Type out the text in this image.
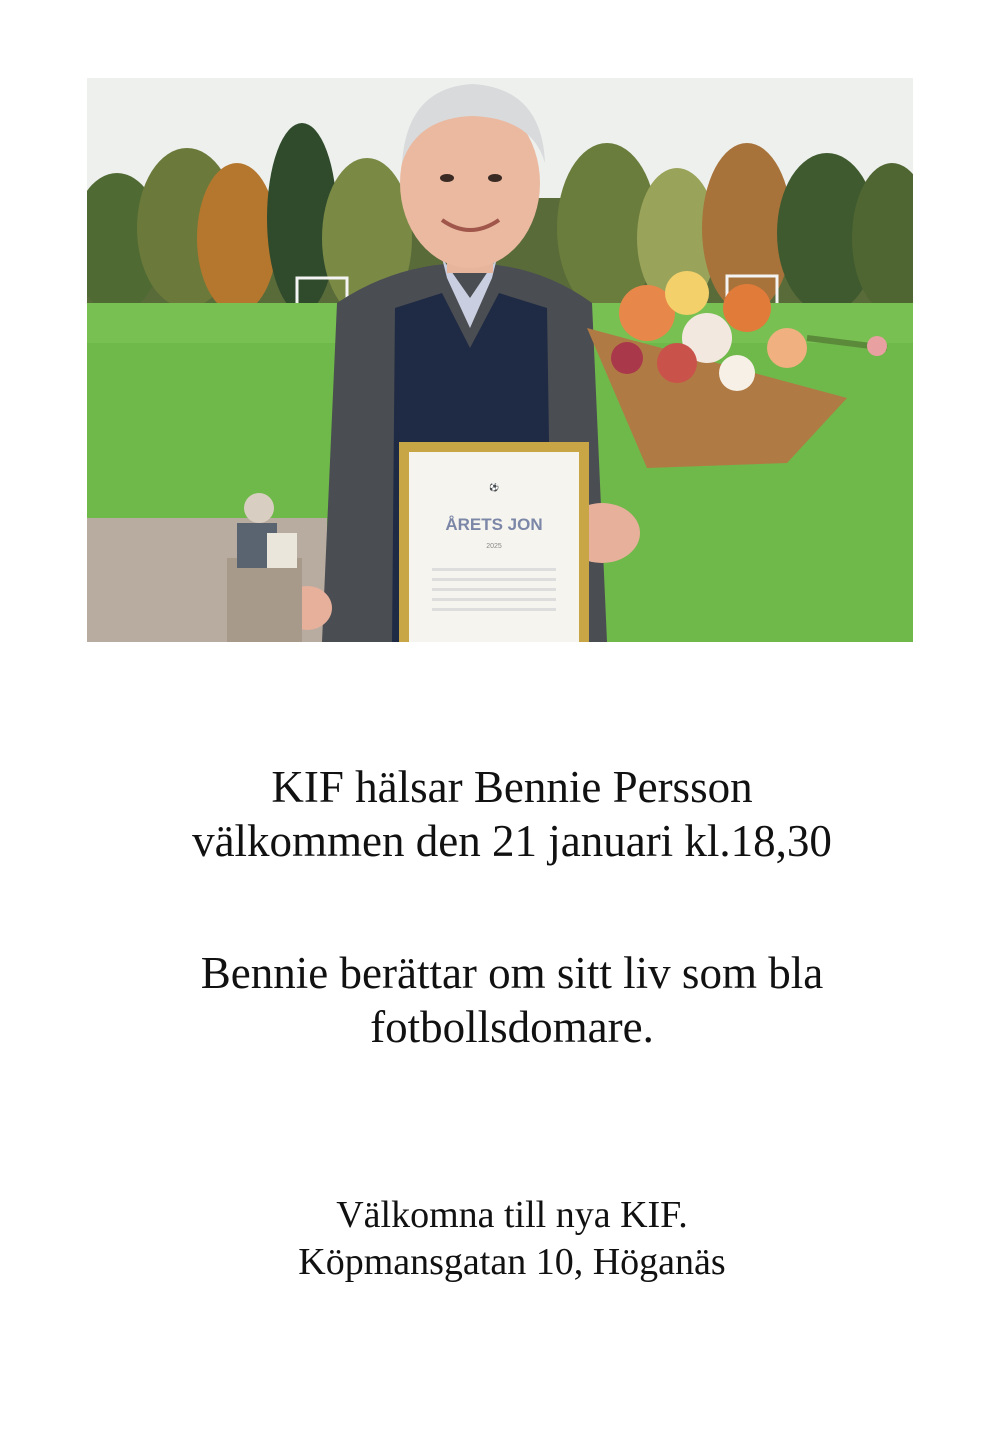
⚽
ÅRETS JON
2025
KIF hälsar Bennie Persson
välkommen den 21 januari kl.18,30
Bennie berättar om sitt liv som bla
fotbollsdomare.
Välkomna till nya KIF.
Köpmansgatan 10, Höganäs
